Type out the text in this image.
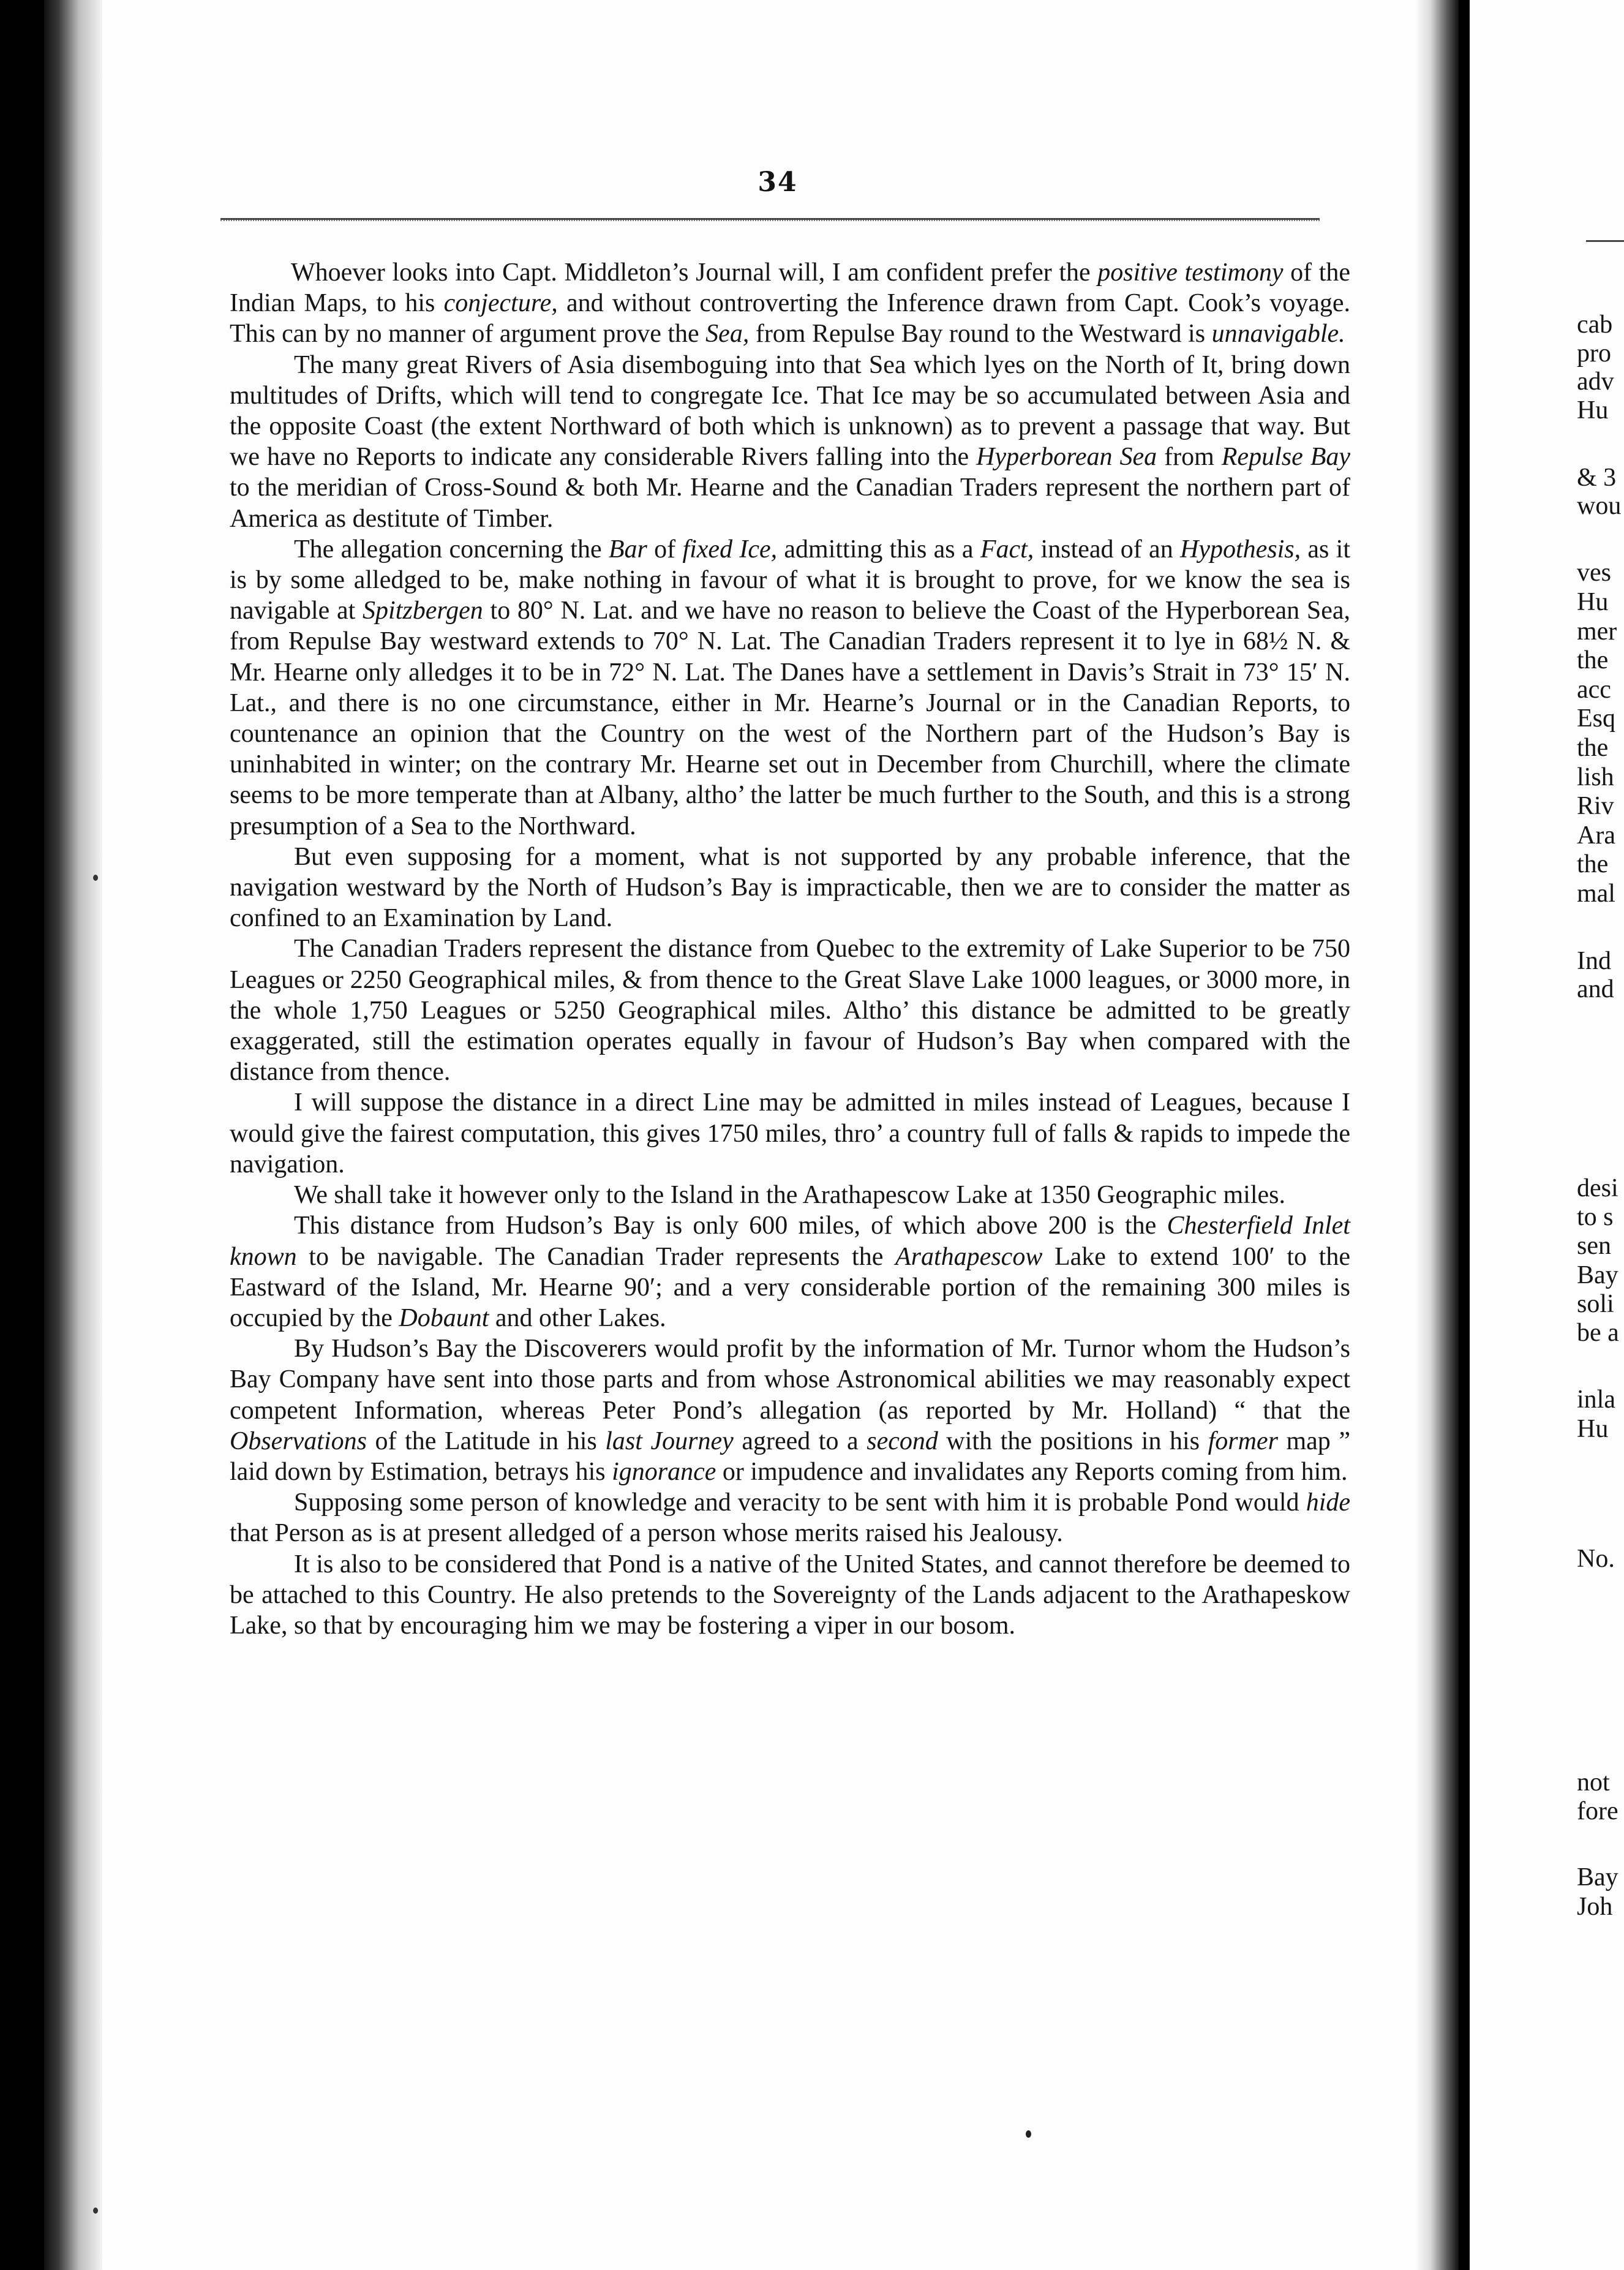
34

Whoever looks into Capt. Middleton’s Journal will, I am confident prefer the positive testimony of the Indian Maps, to his conjecture, and without controverting the Inference drawn from Capt. Cook’s voyage. This can by no manner of argument prove the Sea, from Repulse Bay round to the Westward is unnavigable.

The many great Rivers of Asia disemboguing into that Sea which lyes on the North of It, bring down multitudes of Drifts, which will tend to congregate Ice. That Ice may be so accumulated between Asia and the opposite Coast (the extent Northward of both which is unknown) as to prevent a passage that way. But we have no Reports to indicate any considerable Rivers falling into the Hyperborean Sea from Repulse Bay to the meridian of Cross-Sound & both Mr. Hearne and the Canadian Traders represent the northern part of America as destitute of Timber.

The allegation concerning the Bar of fixed Ice, admitting this as a Fact, instead of an Hypothesis, as it is by some alledged to be, make nothing in favour of what it is brought to prove, for we know the sea is navigable at Spitzbergen to 80° N. Lat. and we have no reason to believe the Coast of the Hyperborean Sea, from Repulse Bay westward extends to 70° N. Lat. The Canadian Traders represent it to lye in 68½ N. & Mr. Hearne only alledges it to be in 72° N. Lat. The Danes have a settlement in Davis’s Strait in 73° 15′ N. Lat., and there is no one circumstance, either in Mr. Hearne’s Journal or in the Canadian Reports, to countenance an opinion that the Country on the west of the Northern part of the Hudson’s Bay is uninhabited in winter; on the contrary Mr. Hearne set out in December from Churchill, where the climate seems to be more temperate than at Albany, altho’ the latter be much further to the South, and this is a strong presumption of a Sea to the Northward.

But even supposing for a moment, what is not supported by any probable inference, that the navigation westward by the North of Hudson’s Bay is impracticable, then we are to consider the matter as confined to an Examination by Land.

The Canadian Traders represent the distance from Quebec to the extremity of Lake Superior to be 750 Leagues or 2250 Geographical miles, & from thence to the Great Slave Lake 1000 leagues, or 3000 more, in the whole 1,750 Leagues or 5250 Geographical miles. Altho’ this distance be admitted to be greatly exaggerated, still the estimation operates equally in favour of Hudson’s Bay when compared with the distance from thence.

I will suppose the distance in a direct Line may be admitted in miles instead of Leagues, because I would give the fairest computation, this gives 1750 miles, thro’ a country full of falls & rapids to impede the navigation.

We shall take it however only to the Island in the Arathapescow Lake at 1350 Geographic miles.

This distance from Hudson’s Bay is only 600 miles, of which above 200 is the Chesterfield Inlet known to be navigable. The Canadian Trader represents the Arathapescow Lake to extend 100′ to the Eastward of the Island, Mr. Hearne 90′; and a very considerable portion of the remaining 300 miles is occupied by the Dobaunt and other Lakes.

By Hudson’s Bay the Discoverers would profit by the information of Mr. Turnor whom the Hudson’s Bay Company have sent into those parts and from whose Astronomical abilities we may reasonably expect competent Information, whereas Peter Pond’s allegation (as reported by Mr. Holland) “ that the Observations of the Latitude in his last Journey agreed to a second with the positions in his former map ” laid down by Estimation, betrays his ignorance or impudence and invalidates any Reports coming from him.

Supposing some person of knowledge and veracity to be sent with him it is probable Pond would hide that Person as is at present alledged of a person whose merits raised his Jealousy.

It is also to be considered that Pond is a native of the United States, and cannot therefore be deemed to be attached to this Country. He also pretends to the Sovereignty of the Lands adjacent to the Arathapeskow Lake, so that by encouraging him we may be fostering a viper in our bosom.

cab
pro
adv
Hu
& 3
wou
ves
Hu
mer
the
acc
Esq
the
lish
Riv
Ara
the
mal
Ind
and
desi
to s
sen
Bay
soli
be a
inla
Hu
No.
not
fore
Bay
Joh
